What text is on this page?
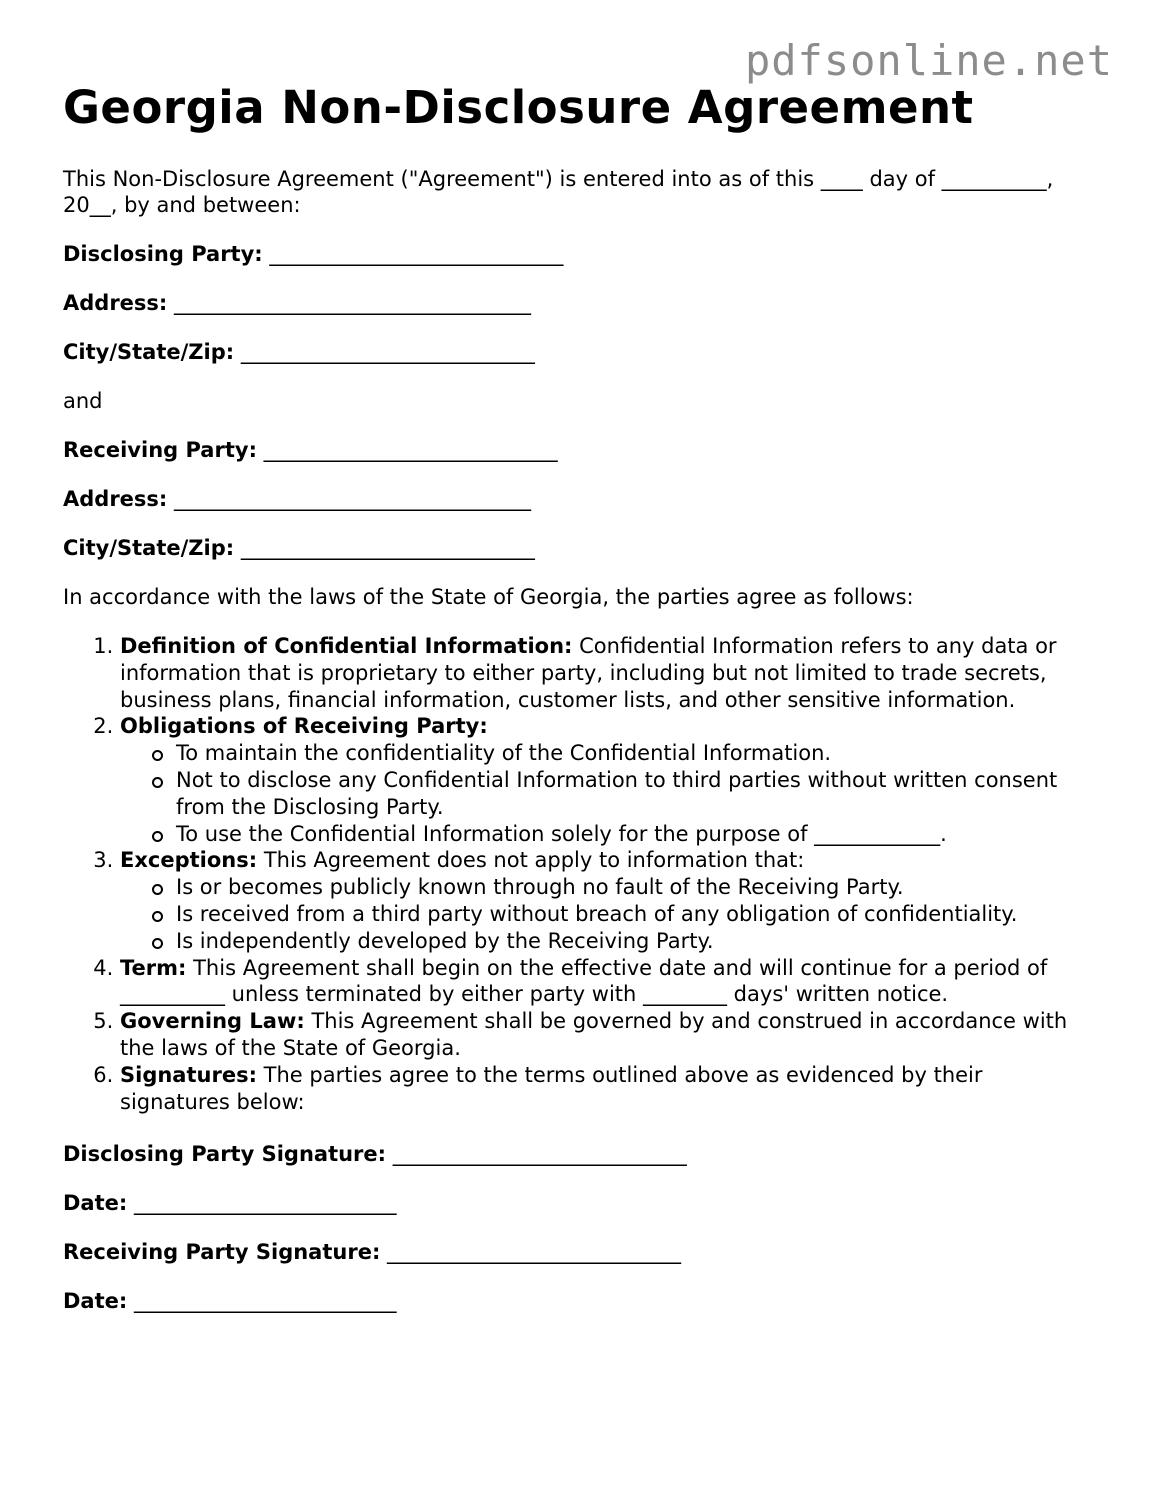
pdfsonline.net
Georgia Non-Disclosure Agreement

This Non-Disclosure Agreement ("Agreement") is entered into as of this ____ day of __________, 20__, by and between:

Disclosing Party: ____________________________

Address: __________________________________

City/State/Zip: ____________________________

and

Receiving Party: ____________________________

Address: __________________________________

City/State/Zip: ____________________________

In accordance with the laws of the State of Georgia, the parties agree as follows:

1. Definition of Confidential Information: Confidential Information refers to any data or information that is proprietary to either party, including but not limited to trade secrets, business plans, financial information, customer lists, and other sensitive information.
2. Obligations of Receiving Party:
To maintain the confidentiality of the Confidential Information.
Not to disclose any Confidential Information to third parties without written consent from the Disclosing Party.
To use the Confidential Information solely for the purpose of ____________.
3. Exceptions: This Agreement does not apply to information that:
Is or becomes publicly known through no fault of the Receiving Party.
Is received from a third party without breach of any obligation of confidentiality.
Is independently developed by the Receiving Party.
4. Term: This Agreement shall begin on the effective date and will continue for a period of __________ unless terminated by either party with ________ days' written notice.
5. Governing Law: This Agreement shall be governed by and construed in accordance with the laws of the State of Georgia.
6. Signatures: The parties agree to the terms outlined above as evidenced by their signatures below:

Disclosing Party Signature: ____________________________

Date: _________________________

Receiving Party Signature: ____________________________

Date: _________________________
